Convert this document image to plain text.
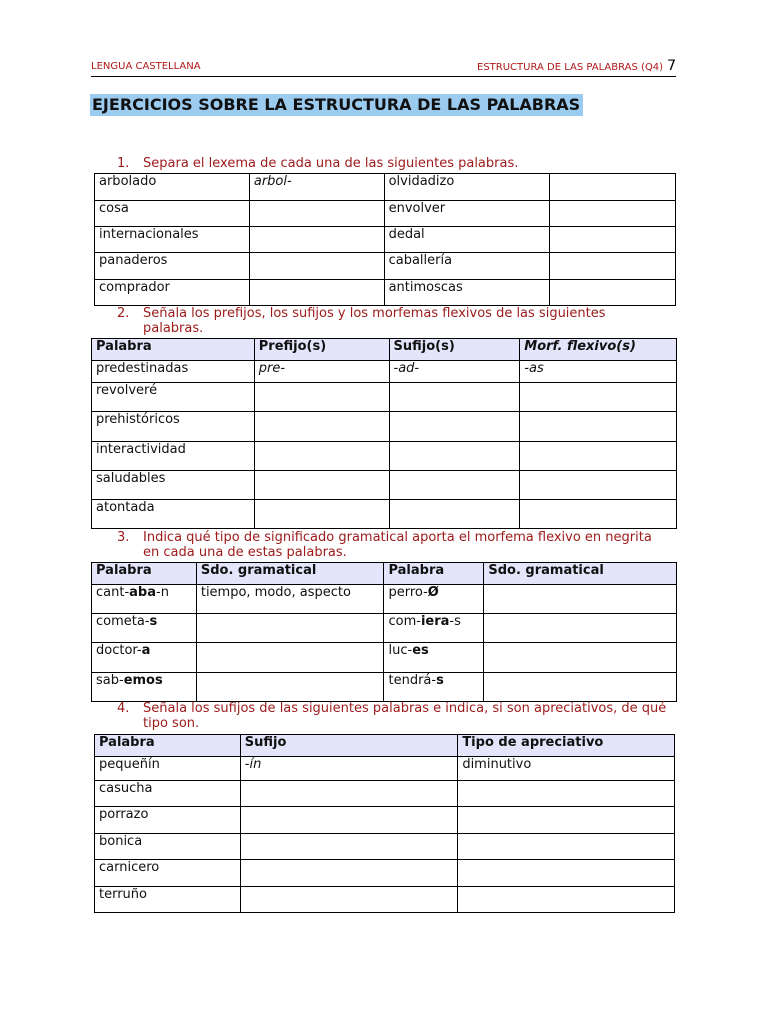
LENGUA CASTELLANA	ESTRUCTURA DE LAS PALABRAS (Q4) 7
EJERCICIOS SOBRE LA ESTRUCTURA DE LAS PALABRAS
1. Separa el lexema de cada una de las siguientes palabras.
arbolado	arbol-	olvidadizo	
cosa		envolver	
internacionales		dedal	
panaderos		caballería	
comprador		antimoscas	
2. Señala los prefijos, los sufijos y los morfemas flexivos de las siguientes palabras.
Palabra	Prefijo(s)	Sufijo(s)	Morf. flexivo(s)
predestinadas	pre-	-ad-	-as
revolveré			
prehistóricos			
interactividad			
saludables			
atontada			
3. Indica qué tipo de significado gramatical aporta el morfema flexivo en negrita en cada una de estas palabras.
Palabra	Sdo. gramatical	Palabra	Sdo. gramatical
cant-aba-n	tiempo, modo, aspecto	perro-Ø	
cometa-s		com-iera-s	
doctor-a		luc-es	
sab-emos		tendrá-s	
4. Señala los sufijos de las siguientes palabras e indica, si son apreciativos, de qué tipo son.
Palabra	Sufijo	Tipo de apreciativo
pequeñín	-ín	diminutivo
casucha		
porrazo		
bonica		
carnicero		
terruño		
